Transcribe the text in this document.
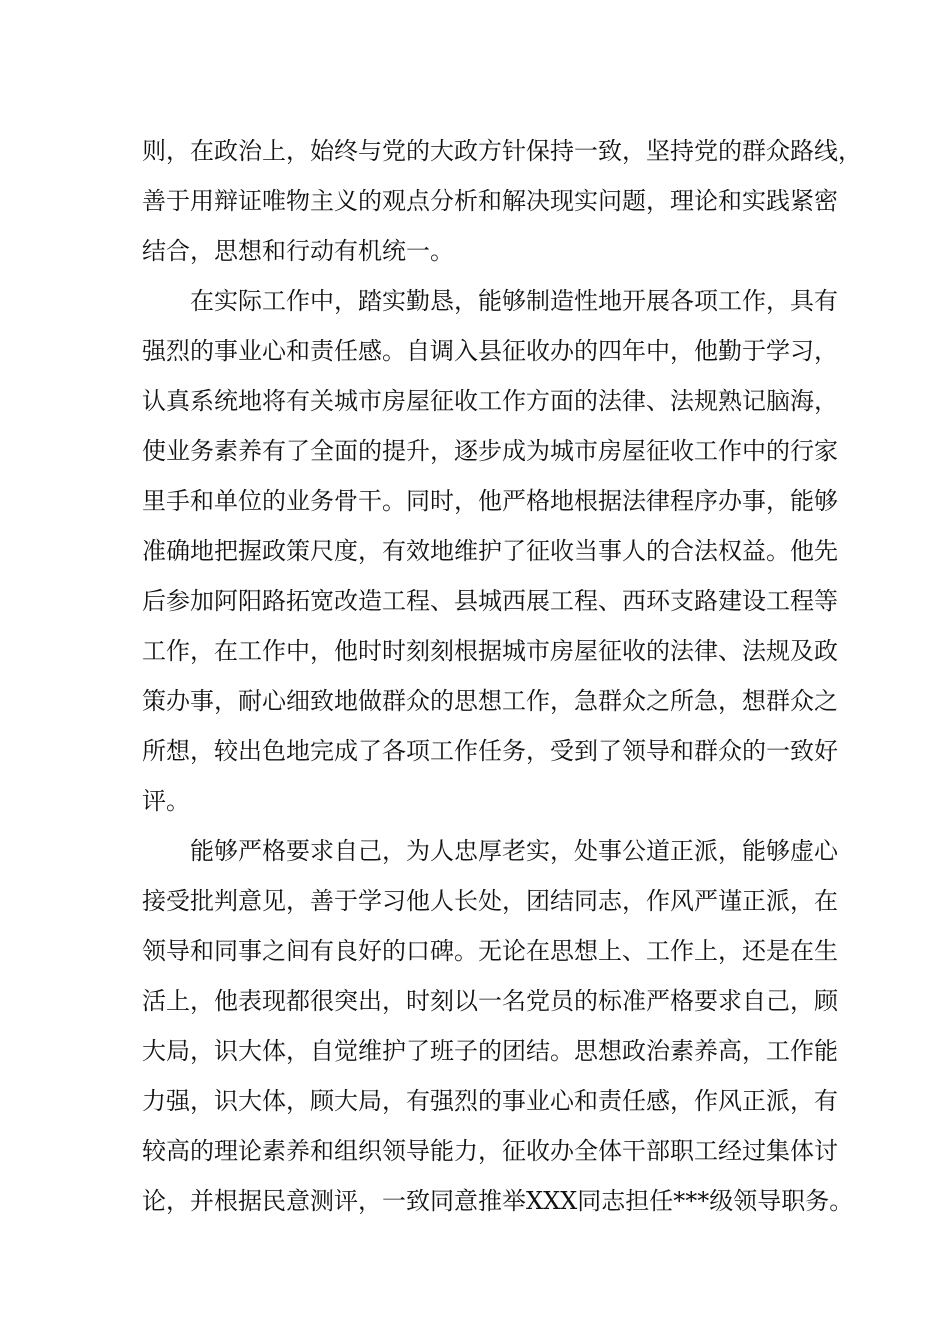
则，在政治上，始终与党的大政方针保持一致，坚持党的群众路线，
善于用辩证唯物主义的观点分析和解决现实问题，理论和实践紧密
结合，思想和行动有机统一。
在实际工作中，踏实勤恳，能够制造性地开展各项工作，具有
强烈的事业心和责任感。自调入县征收办的四年中，他勤于学习，
认真系统地将有关城市房屋征收工作方面的法律、法规熟记脑海，
使业务素养有了全面的提升，逐步成为城市房屋征收工作中的行家
里手和单位的业务骨干。同时，他严格地根据法律程序办事，能够
准确地把握政策尺度，有效地维护了征收当事人的合法权益。他先
后参加阿阳路拓宽改造工程、县城西展工程、西环支路建设工程等
工作，在工作中，他时时刻刻根据城市房屋征收的法律、法规及政
策办事，耐心细致地做群众的思想工作，急群众之所急，想群众之
所想，较出色地完成了各项工作任务，受到了领导和群众的一致好
评。
能够严格要求自己，为人忠厚老实，处事公道正派，能够虚心
接受批判意见，善于学习他人长处，团结同志，作风严谨正派，在
领导和同事之间有良好的口碑。无论在思想上、工作上，还是在生
活上，他表现都很突出，时刻以一名党员的标准严格要求自己，顾
大局，识大体，自觉维护了班子的团结。思想政治素养高，工作能
力强，识大体，顾大局，有强烈的事业心和责任感，作风正派，有
较高的理论素养和组织领导能力，征收办全体干部职工经过集体讨
论，并根据民意测评，一致同意推举XXX同志担任***级领导职务。
